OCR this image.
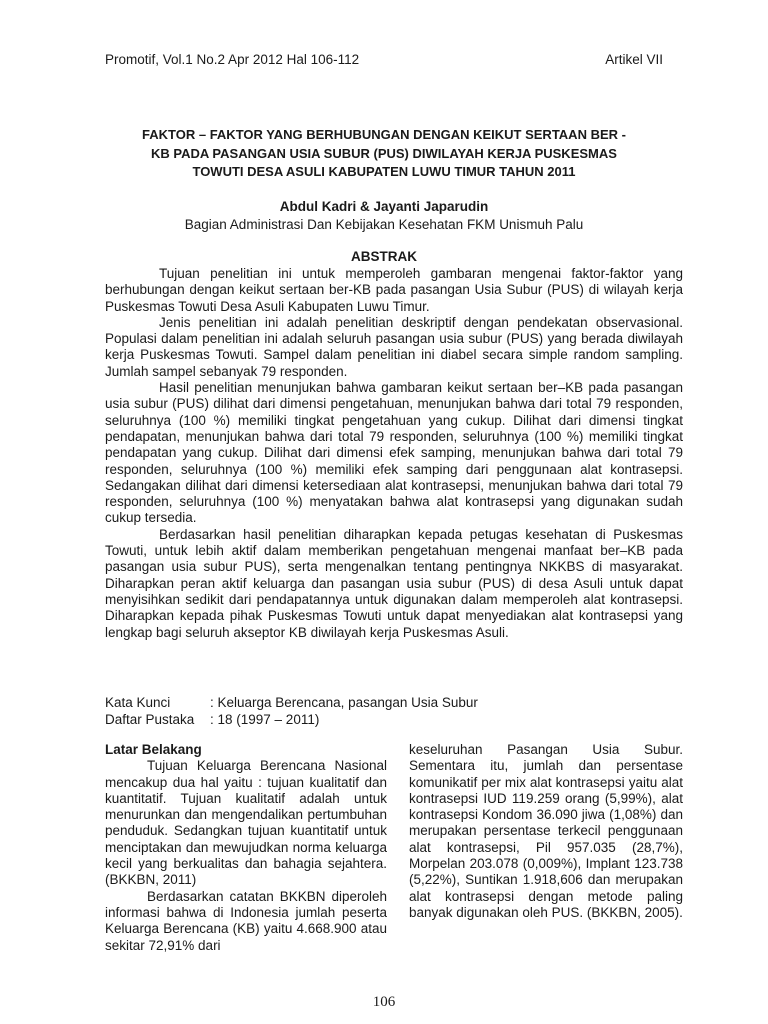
Promotif, Vol.1 No.2 Apr 2012 Hal 106-112	Artikel VII
FAKTOR – FAKTOR YANG BERHUBUNGAN DENGAN KEIKUT SERTAAN BER -
KB PADA PASANGAN USIA SUBUR (PUS) DIWILAYAH KERJA PUSKESMAS
TOWUTI DESA ASULI KABUPATEN LUWU TIMUR TAHUN 2011
Abdul Kadri & Jayanti Japarudin
Bagian Administrasi Dan Kebijakan Kesehatan FKM Unismuh Palu
ABSTRAK

Tujuan penelitian ini untuk memperoleh gambaran mengenai faktor-faktor yang berhubungan dengan keikut sertaan ber-KB pada pasangan Usia Subur (PUS) di wilayah kerja Puskesmas Towuti Desa Asuli Kabupaten Luwu Timur.

Jenis penelitian ini adalah penelitian deskriptif dengan pendekatan observasional. Populasi dalam penelitian ini adalah seluruh pasangan usia subur (PUS) yang berada diwilayah kerja Puskesmas Towuti. Sampel dalam penelitian ini diabel secara simple random sampling. Jumlah sampel sebanyak 79 responden.

Hasil penelitian menunjukan bahwa gambaran keikut sertaan ber–KB pada pasangan usia subur (PUS) dilihat dari dimensi pengetahuan, menunjukan bahwa dari total 79 responden, seluruhnya (100 %) memiliki tingkat pengetahuan yang cukup. Dilihat dari dimensi tingkat pendapatan, menunjukan bahwa dari total 79 responden, seluruhnya (100 %) memiliki tingkat pendapatan yang cukup. Dilihat dari dimensi efek samping, menunjukan bahwa dari total 79 responden, seluruhnya (100 %) memiliki efek samping dari penggunaan alat kontrasepsi. Sedangakan dilihat dari dimensi ketersediaan alat kontrasepsi, menunjukan bahwa dari total 79 responden, seluruhnya (100 %) menyatakan bahwa alat kontrasepsi yang digunakan sudah cukup tersedia.

Berdasarkan hasil penelitian diharapkan kepada petugas kesehatan di Puskesmas Towuti, untuk lebih aktif dalam memberikan pengetahuan mengenai manfaat ber–KB pada pasangan usia subur PUS), serta mengenalkan tentang pentingnya NKKBS di masyarakat. Diharapkan peran aktif keluarga dan pasangan usia subur (PUS) di desa Asuli untuk dapat menyisihkan sedikit dari pendapatannya untuk digunakan dalam memperoleh alat kontrasepsi. Diharapkan kepada pihak Puskesmas Towuti untuk dapat menyediakan alat kontrasepsi yang lengkap bagi seluruh akseptor KB diwilayah kerja Puskesmas Asuli.

Kata Kunci	: Keluarga Berencana, pasangan Usia Subur
Daftar Pustaka : 18 (1997 – 2011)
Latar Belakang

Tujuan Keluarga Berencana Nasional mencakup dua hal yaitu : tujuan kualitatif dan kuantitatif. Tujuan kualitatif adalah untuk menurunkan dan mengendalikan pertumbuhan penduduk. Sedangkan tujuan kuantitatif untuk menciptakan dan mewujudkan norma keluarga kecil yang berkualitas dan bahagia sejahtera. (BKKBN, 2011)

Berdasarkan catatan BKKBN diperoleh informasi bahwa di Indonesia jumlah peserta Keluarga Berencana (KB) yaitu 4.668.900 atau sekitar 72,91% dari

keseluruhan Pasangan Usia Subur. Sementara itu, jumlah dan persentase komunikatif per mix alat kontrasepsi yaitu alat kontrasepsi IUD 119.259 orang (5,99%), alat kontrasepsi Kondom 36.090 jiwa (1,08%) dan merupakan persentase terkecil penggunaan alat kontrasepsi, Pil 957.035 (28,7%), Morpelan 203.078 (0,009%), Implant 123.738 (5,22%), Suntikan 1.918,606 dan merupakan alat kontrasepsi dengan metode paling banyak digunakan oleh PUS. (BKKBN, 2005).

106
